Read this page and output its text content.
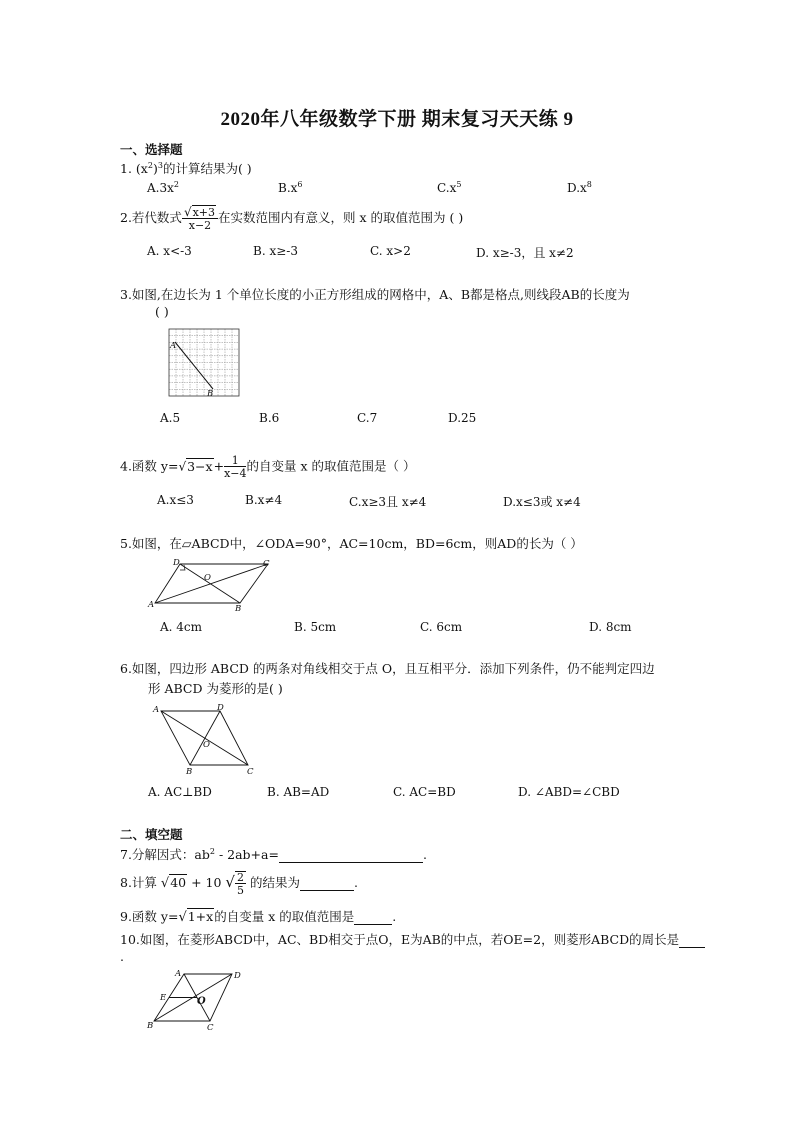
2020年八年级数学下册 期末复习天天练 9
一、选择题
1. $(x^2)^3$的计算结果为( )
$A.3x^2$	$B.x^6$	$C.x^5$	$D.x^8$
2.若代数式 $\frac{√x+3}{x-2}$ 在实数范围内有意义，则 x 的取值范围为 ( )
A. x<-3	B. x≥-3	C. x>2	D. x≥-3，且 x≠2
3.如图,在边长为 1 个单位长度的小正方形组成的网格中，A、B都是格点,则线段AB的长度为
( )
A
B
A.5	B.6	C.7	D.25
4.函数 $y=√3-x+ \frac{1}{x-4}$ 的自变量 x 的取值范围是（ ）
A.x≤3	B.x≠4	C.x≥3且 x≠4	D.x≤3或 x≠4
5.如图，在▱ABCD中，∠ODA=90°，AC=10cm，BD=6cm，则AD的长为（ ）
A	B
C
D
O
A. 4cm	B. 5cm	C. 6cm	D. 8cm
6.如图，四边形 ABCD 的两条对角线相交于点 O，且互相平分．添加下列条件，仍不能判定四边
形 ABCD 为菱形的是( )
A
B	C
D
O
A. AC⊥BD	B. AB=AD	C. AC=BD	D. ∠ABD=∠CBD
二、填空题
7.分解因式：$ab^2 - 2ab+a=$	.
8.计算 √40 + 10 √ $\frac{2}{5}$ 的结果为	.
9.函数 y=√1+x的自变量 x 的取值范围是	.
10.如图，在菱形ABCD中，AC、BD相交于点O，E为AB的中点，若OE=2，则菱形ABCD的周长是
.
A
B	C
D
E	O
